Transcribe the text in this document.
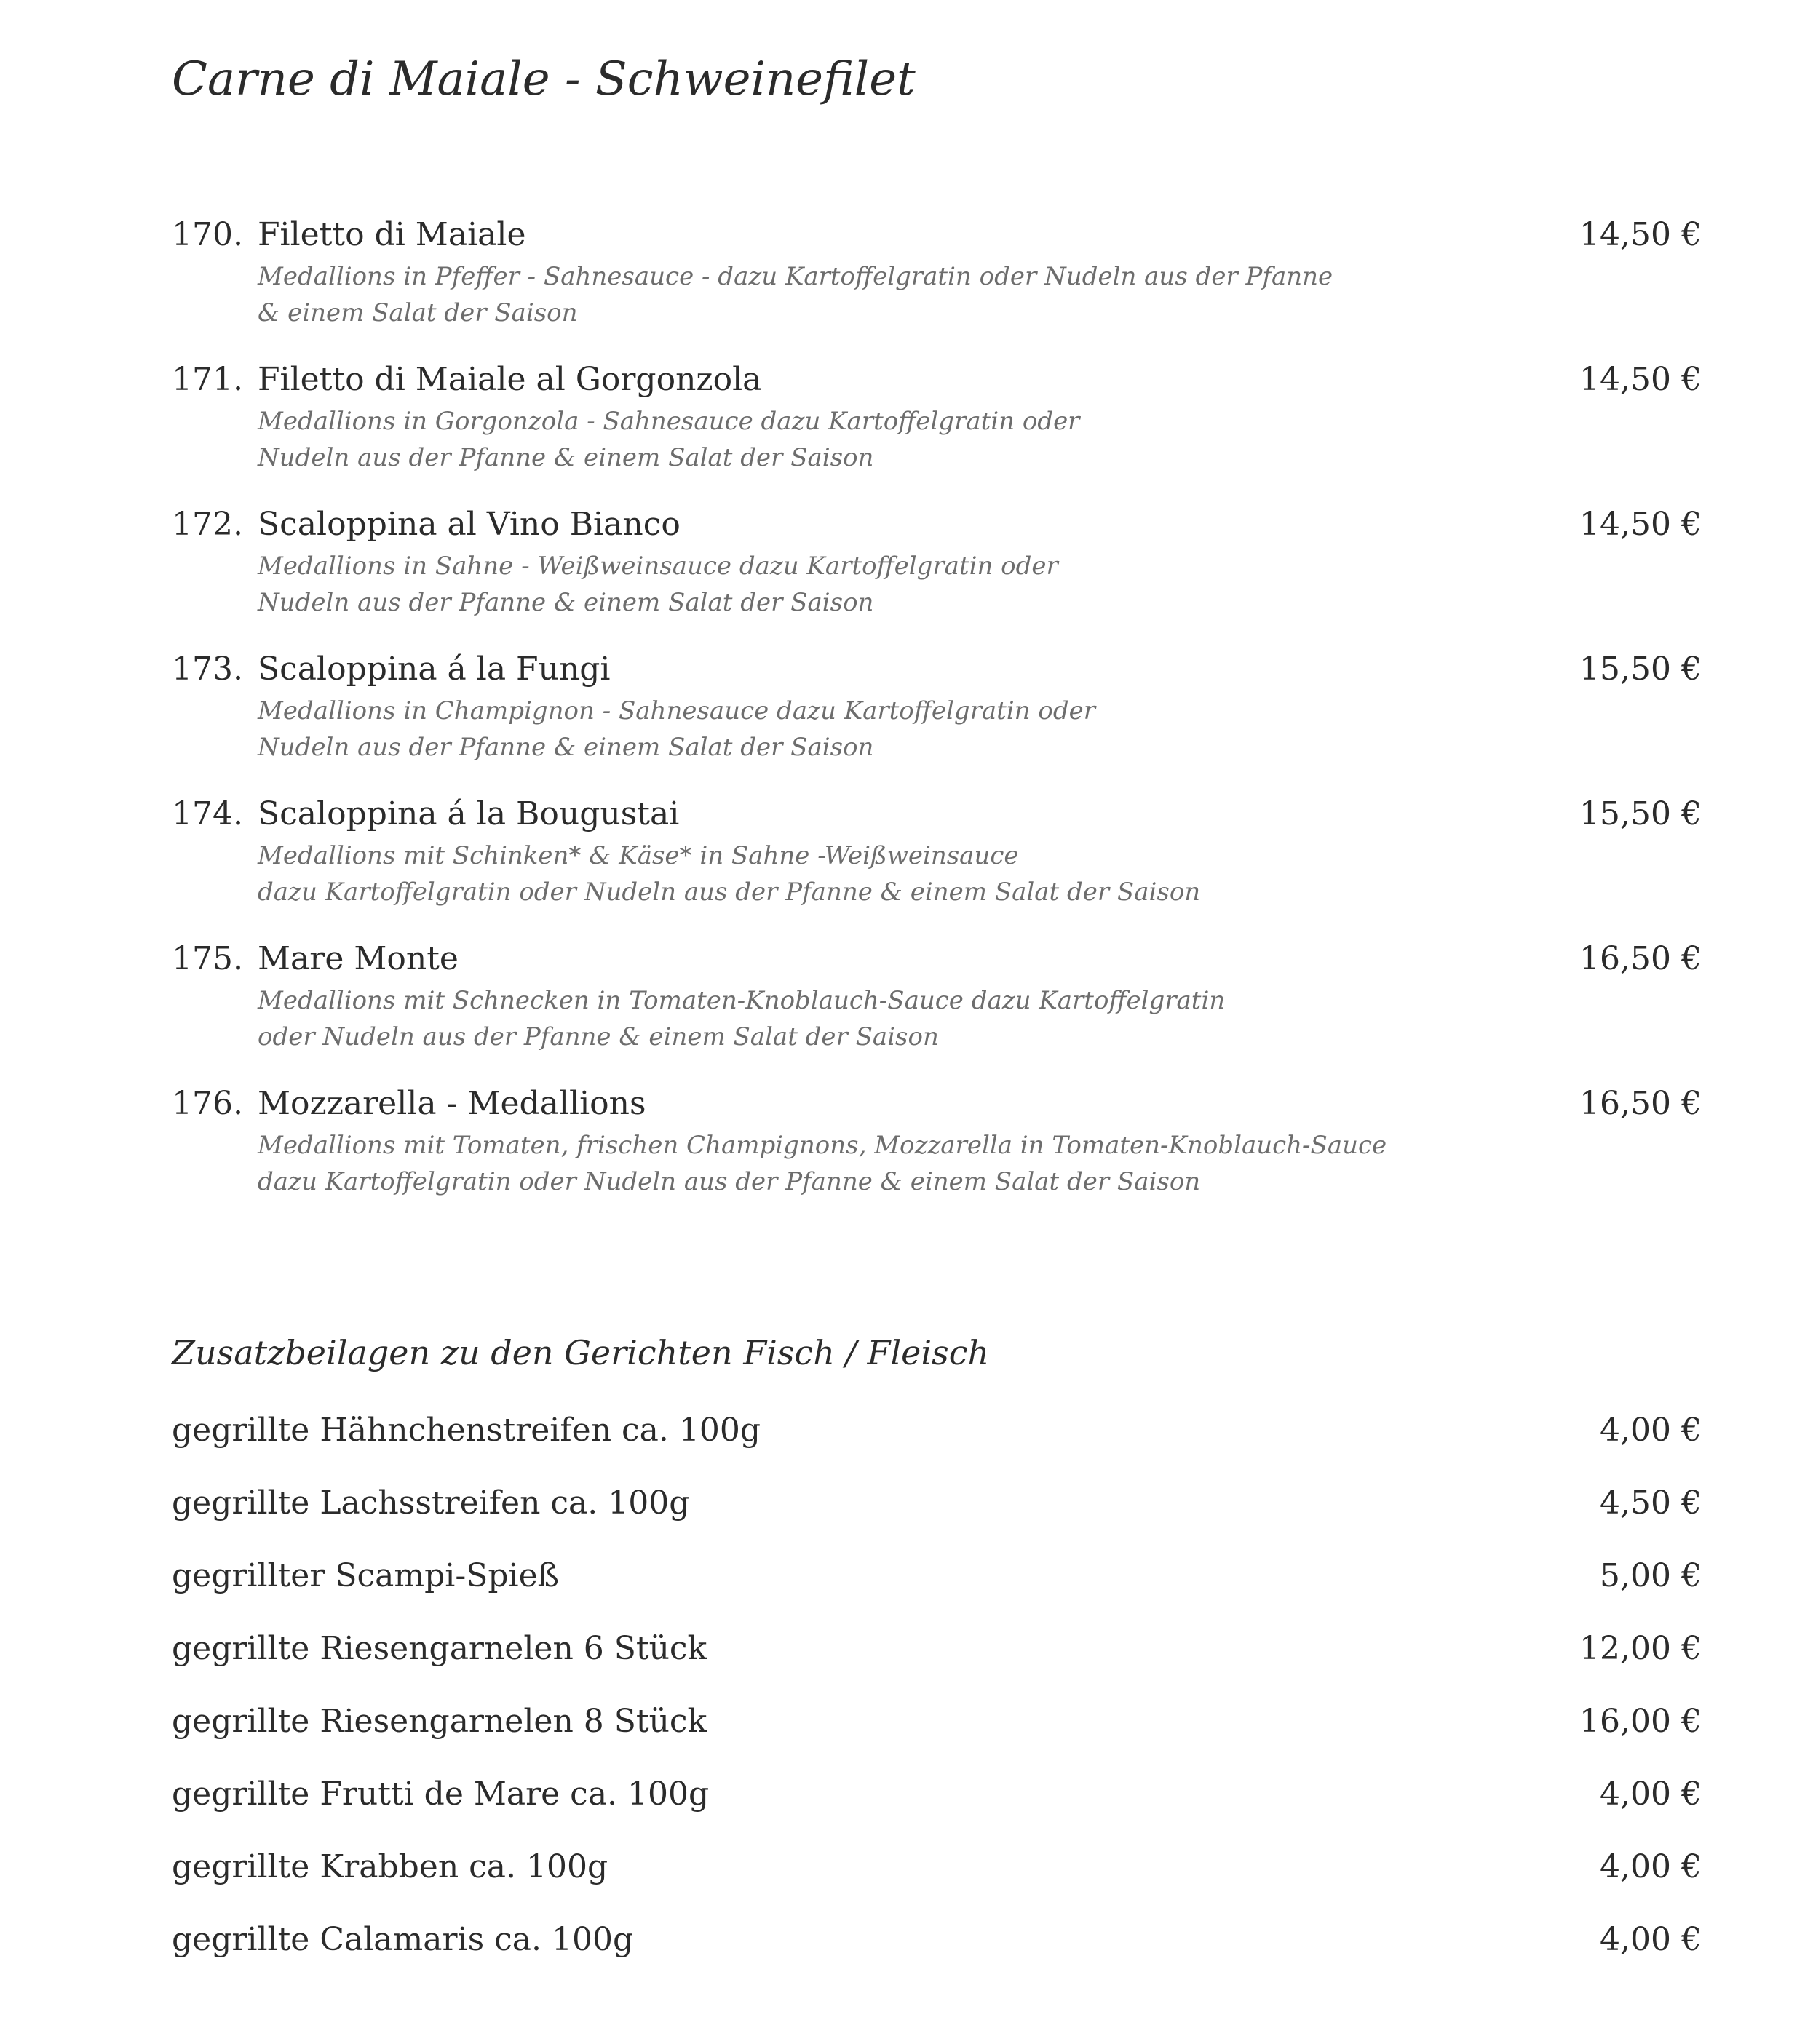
Carne di Maiale - Schweinefilet
170. Filetto di Maiale	14,50 €
Medallions in Pfeffer - Sahnesauce - dazu Kartoffelgratin oder Nudeln aus der Pfanne
& einem Salat der Saison
171. Filetto di Maiale al Gorgonzola	14,50 €
Medallions in Gorgonzola - Sahnesauce dazu Kartoffelgratin oder
Nudeln aus der Pfanne & einem Salat der Saison
172. Scaloppina al Vino Bianco	14,50 €
Medallions in Sahne - Weißweinsauce dazu Kartoffelgratin oder
Nudeln aus der Pfanne & einem Salat der Saison
173. Scaloppina á la Fungi	15,50 €
Medallions in Champignon - Sahnesauce dazu Kartoffelgratin oder
Nudeln aus der Pfanne & einem Salat der Saison
174. Scaloppina á la Bougustai	15,50 €
Medallions mit Schinken* & Käse* in Sahne -Weißweinsauce
dazu Kartoffelgratin oder Nudeln aus der Pfanne & einem Salat der Saison
175. Mare Monte	16,50 €
Medallions mit Schnecken in Tomaten-Knoblauch-Sauce dazu Kartoffelgratin
oder Nudeln aus der Pfanne & einem Salat der Saison
176. Mozzarella - Medallions	16,50 €
Medallions mit Tomaten, frischen Champignons, Mozzarella in Tomaten-Knoblauch-Sauce
dazu Kartoffelgratin oder Nudeln aus der Pfanne & einem Salat der Saison
Zusatzbeilagen zu den Gerichten Fisch / Fleisch
gegrillte Hähnchenstreifen ca. 100g	4,00 €
gegrillte Lachsstreifen ca. 100g	4,50 €
gegrillter Scampi-Spieß	5,00 €
gegrillte Riesengarnelen 6 Stück	12,00 €
gegrillte Riesengarnelen 8 Stück	16,00 €
gegrillte Frutti de Mare ca. 100g	4,00 €
gegrillte Krabben ca. 100g	4,00 €
gegrillte Calamaris ca. 100g	4,00 €
